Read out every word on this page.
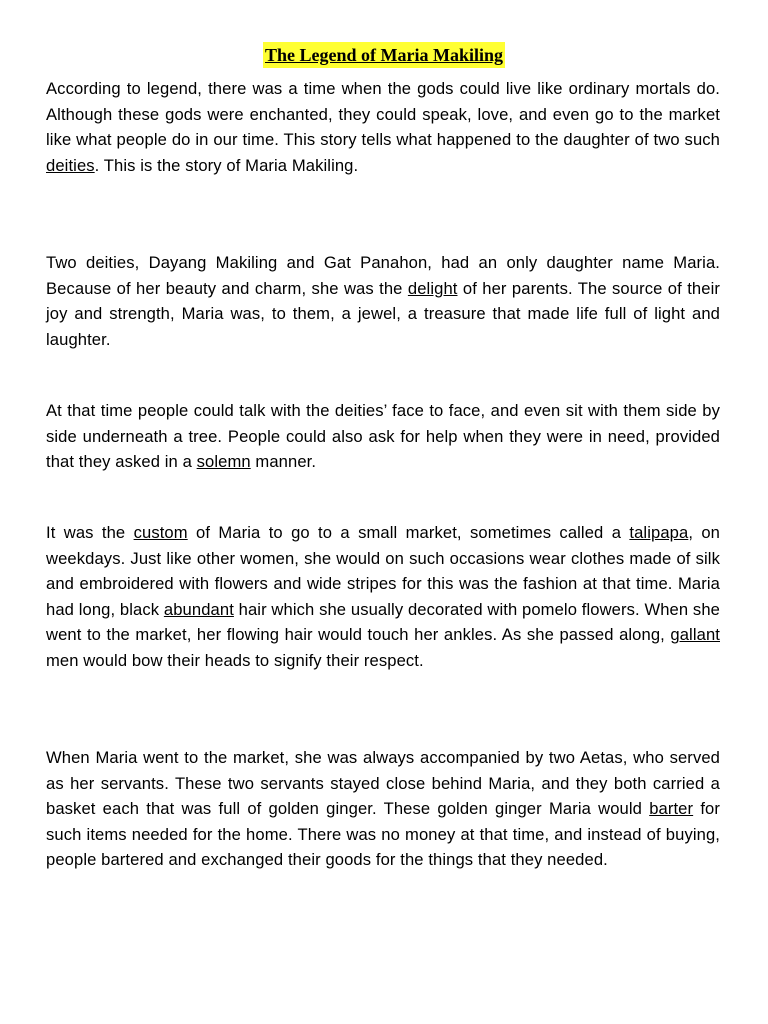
The Legend of Maria Makiling

According to legend, there was a time when the gods could live like ordinary mortals do. Although these gods were enchanted, they could speak, love, and even go to the market like what people do in our time. This story tells what happened to the daughter of two such deities. This is the story of Maria Makiling.

Two deities, Dayang Makiling and Gat Panahon, had an only daughter name Maria. Because of her beauty and charm, she was the delight of her parents. The source of their joy and strength, Maria was, to them, a jewel, a treasure that made life full of light and laughter.

At that time people could talk with the deities’ face to face, and even sit with them side by side underneath a tree. People could also ask for help when they were in need, provided that they asked in a solemn manner.

It was the custom of Maria to go to a small market, sometimes called a talipapa, on weekdays. Just like other women, she would on such occasions wear clothes made of silk and embroidered with flowers and wide stripes for this was the fashion at that time. Maria had long, black abundant hair which she usually decorated with pomelo flowers. When she went to the market, her flowing hair would touch her ankles. As she passed along, gallant men would bow their heads to signify their respect.

When Maria went to the market, she was always accompanied by two Aetas, who served as her servants. These two servants stayed close behind Maria, and they both carried a basket each that was full of golden ginger. These golden ginger Maria would barter for such items needed for the home. There was no money at that time, and instead of buying, people bartered and exchanged their goods for the things that they needed.
